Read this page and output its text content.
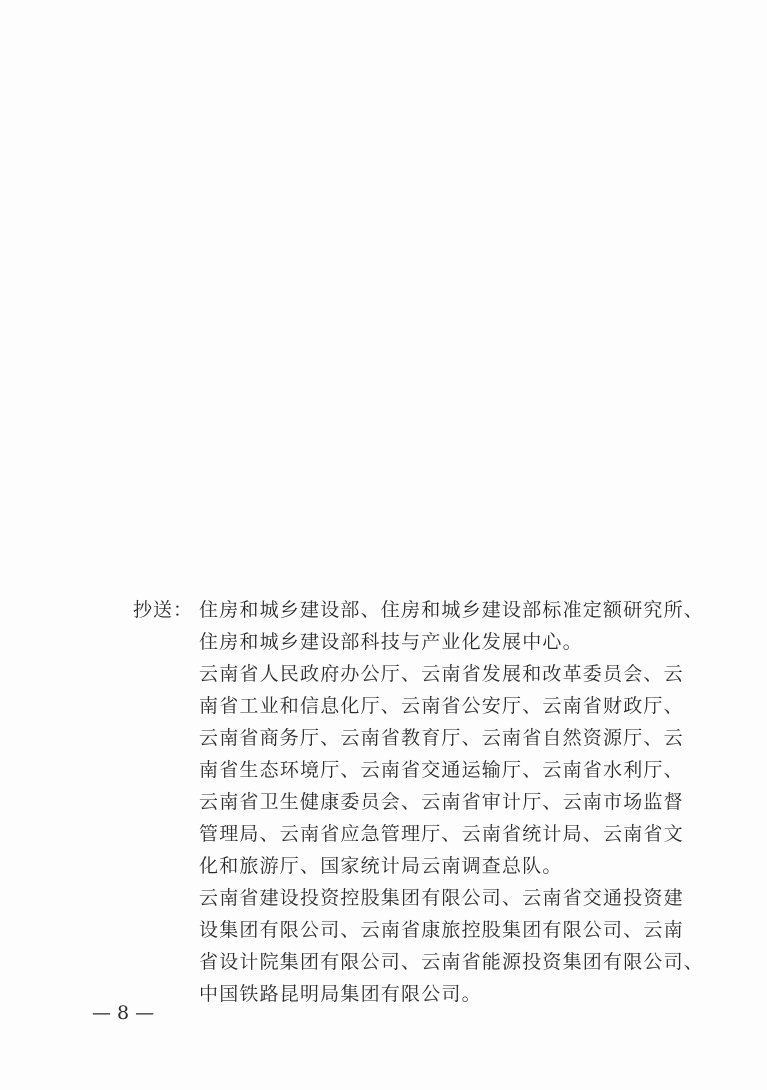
抄送： 住房和城乡建设部、住房和城乡建设部标准定额研究所、
住房和城乡建设部科技与产业化发展中心。

云南省人民政府办公厅、云南省发展和改革委员会、云
南省工业和信息化厅、云南省公安厅、云南省财政厅、
云南省商务厅、云南省教育厅、云南省自然资源厅、云
南省生态环境厅、云南省交通运输厅、云南省水利厅、
云南省卫生健康委员会、云南省审计厅、云南市场监督
管理局、云南省应急管理厅、云南省统计局、云南省文
化和旅游厅、国家统计局云南调查总队。

云南省建设投资控股集团有限公司、云南省交通投资建
设集团有限公司、云南省康旅控股集团有限公司、云南
省设计院集团有限公司、云南省能源投资集团有限公司、
中国铁路昆明局集团有限公司。

— 8 —
